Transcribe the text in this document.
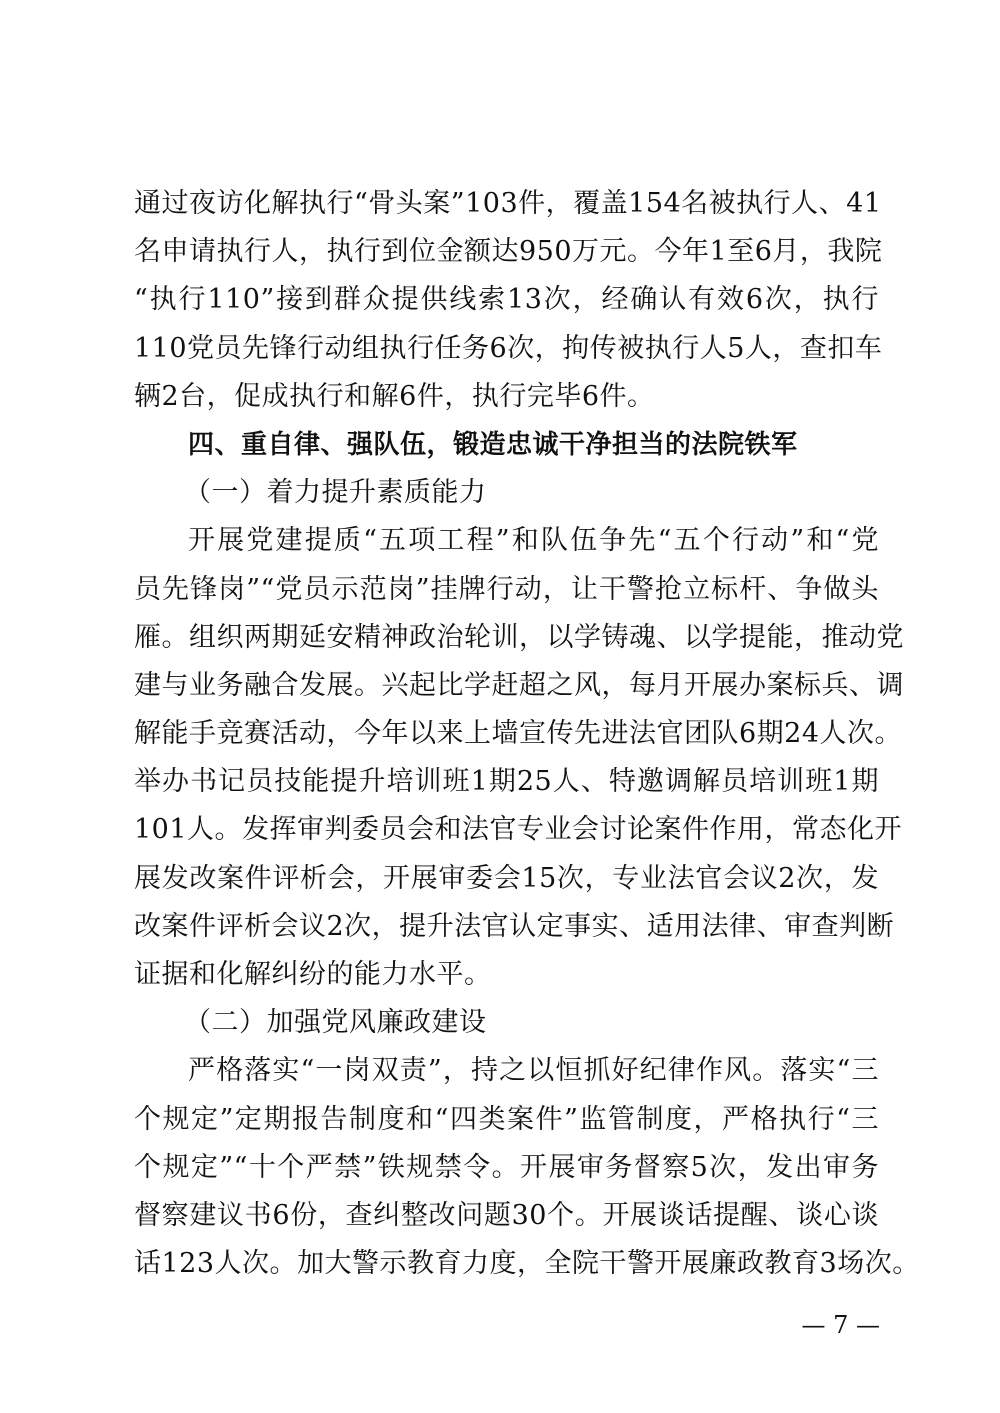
通过夜访化解执行“骨头案”103件，覆盖154名被执行人、41
名申请执行人，执行到位金额达950万元。今年1至6月，我院
“执行110”接到群众提供线索13次，经确认有效6次，执行
110党员先锋行动组执行任务6次，拘传被执行人5人，查扣车
辆2台，促成执行和解6件，执行完毕6件。
四、重自律、强队伍，锻造忠诚干净担当的法院铁军
（一）着力提升素质能力
开展党建提质“五项工程”和队伍争先“五个行动”和“党
员先锋岗”“党员示范岗”挂牌行动，让干警抢立标杆、争做头
雁。组织两期延安精神政治轮训，以学铸魂、以学提能，推动党
建与业务融合发展。兴起比学赶超之风，每月开展办案标兵、调
解能手竞赛活动，今年以来上墙宣传先进法官团队6期24人次。
举办书记员技能提升培训班1期25人、特邀调解员培训班1期
101人。发挥审判委员会和法官专业会讨论案件作用，常态化开
展发改案件评析会，开展审委会15次，专业法官会议2次，发
改案件评析会议2次，提升法官认定事实、适用法律、审查判断
证据和化解纠纷的能力水平。
（二）加强党风廉政建设
严格落实“一岗双责”，持之以恒抓好纪律作风。落实“三
个规定”定期报告制度和“四类案件”监管制度，严格执行“三
个规定”“十个严禁”铁规禁令。开展审务督察5次，发出审务
督察建议书6份，查纠整改问题30个。开展谈话提醒、谈心谈
话123人次。加大警示教育力度，全院干警开展廉政教育3场次。
— 7 —
